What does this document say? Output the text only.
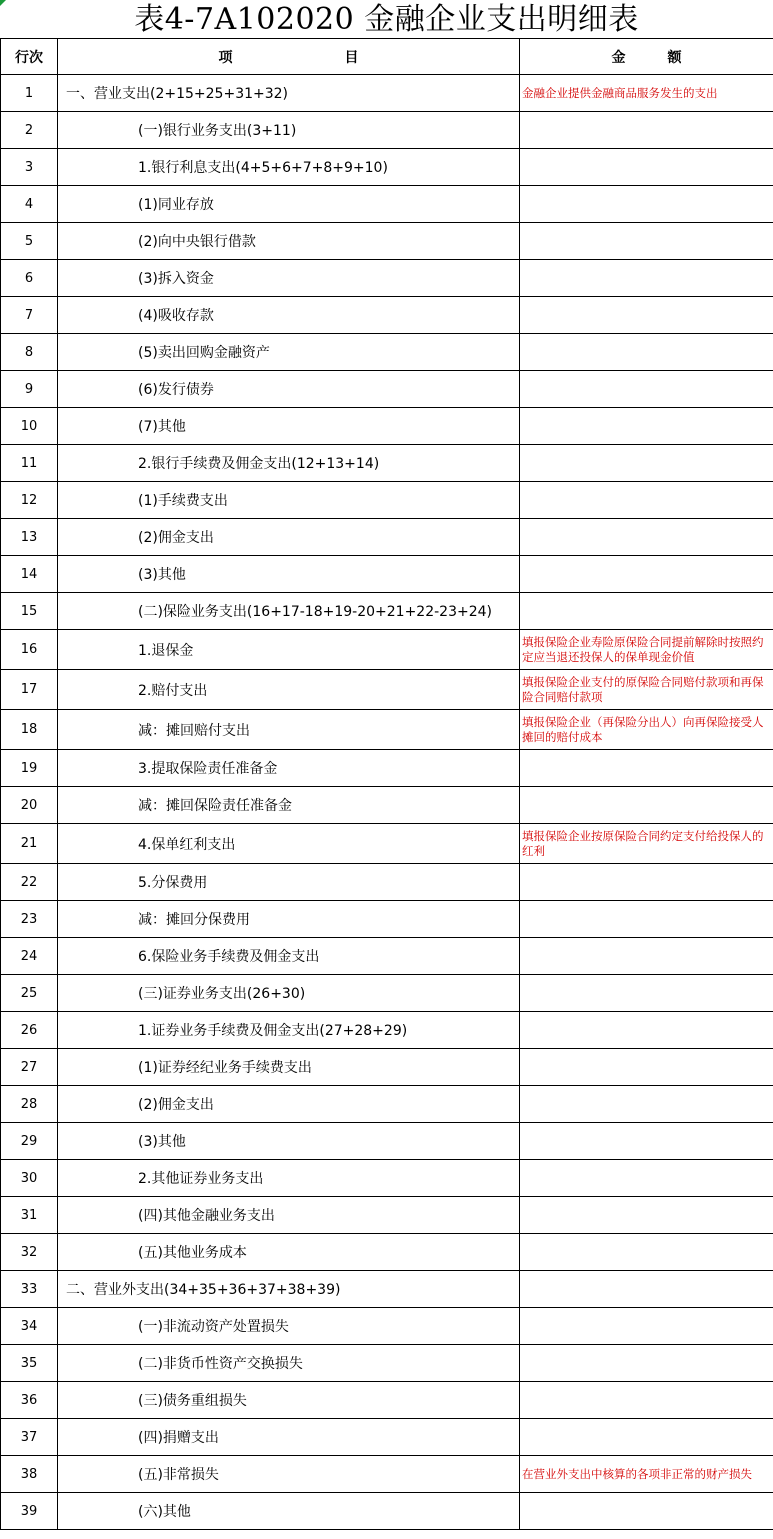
表4-7A102020 金融企业支出明细表
行次	项　　　　　　　　目	金　　　额
1	一、营业支出(2+15+25+31+32)	金融企业提供金融商品服务发生的支出
2	(一)银行业务支出(3+11)	
3	1.银行利息支出(4+5+6+7+8+9+10)	
4	(1)同业存放	
5	(2)向中央银行借款	
6	(3)拆入资金	
7	(4)吸收存款	
8	(5)卖出回购金融资产	
9	(6)发行债券	
10	(7)其他	
11	2.银行手续费及佣金支出(12+13+14)	
12	(1)手续费支出	
13	(2)佣金支出	
14	(3)其他	
15	(二)保险业务支出(16+17-18+19-20+21+22-23+24)	
16	1.退保金	填报保险企业寿险原保险合同提前解除时按照约定应当退还投保人的保单现金价值
17	2.赔付支出	填报保险企业支付的原保险合同赔付款项和再保险合同赔付款项
18	减：摊回赔付支出	填报保险企业（再保险分出人）向再保险接受人摊回的赔付成本
19	3.提取保险责任准备金	
20	减：摊回保险责任准备金	
21	4.保单红利支出	填报保险企业按原保险合同约定支付给投保人的红利
22	5.分保费用	
23	减：摊回分保费用	
24	6.保险业务手续费及佣金支出	
25	(三)证券业务支出(26+30)	
26	1.证券业务手续费及佣金支出(27+28+29)	
27	(1)证券经纪业务手续费支出	
28	(2)佣金支出	
29	(3)其他	
30	2.其他证券业务支出	
31	(四)其他金融业务支出	
32	(五)其他业务成本	
33	二、营业外支出(34+35+36+37+38+39)	
34	(一)非流动资产处置损失	
35	(二)非货币性资产交换损失	
36	(三)债务重组损失	
37	(四)捐赠支出	
38	(五)非常损失	在营业外支出中核算的各项非正常的财产损失
39	(六)其他	
